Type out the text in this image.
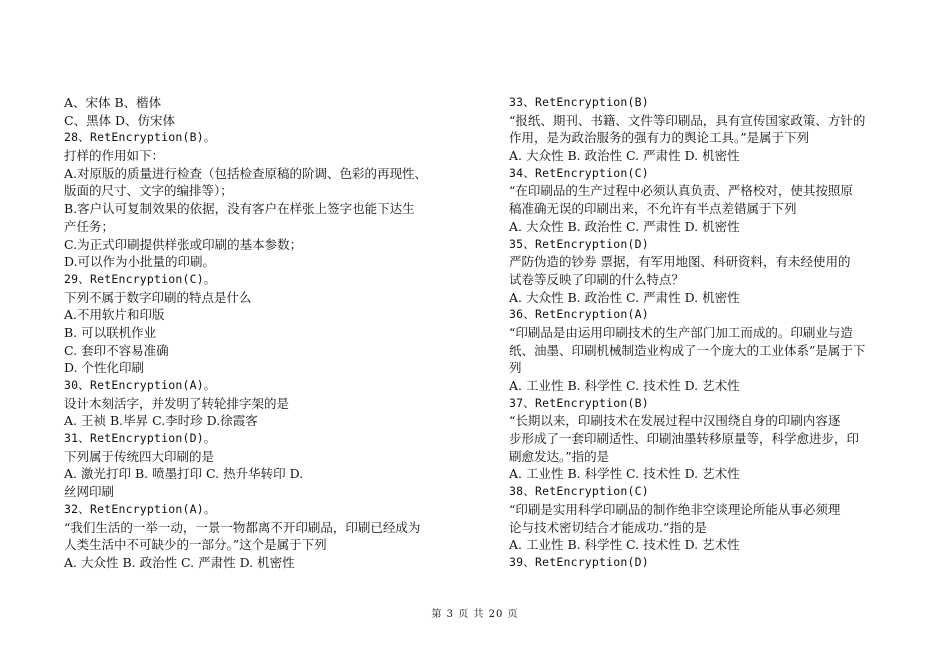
A、宋体 B、楷体
C、黑体 D、仿宋体
28、RetEncryption(B)。
打样的作用如下：
A.对原版的质量进行检查（包括检查原稿的阶调、色彩的再现性、
版面的尺寸、文字的编排等）；
B.客户认可复制效果的依据，没有客户在样张上签字也能下达生
产任务；
C.为正式印刷提供样张或印刷的基本参数；
D.可以作为小批量的印刷。
29、RetEncryption(C)。
下列不属于数字印刷的特点是什么
A.不用软片和印版
B. 可以联机作业
C. 套印不容易准确
D. 个性化印刷
30、RetEncryption(A)。
设计木刻活字，并发明了转轮排字架的是
A. 王祯 B.毕昇 C.李时珍 D.徐霞客
31、RetEncryption(D)。
下列属于传统四大印刷的是
A. 激光打印 B. 喷墨打印 C. 热升华转印 D.
丝网印刷
32、RetEncryption(A)。
“我们生活的一举一动，一景一物都离不开印刷品，印刷已经成为
人类生活中不可缺少的一部分。”这个是属于下列
A. 大众性 B. 政治性 C. 严肃性 D. 机密性
33、RetEncryption(B)
“报纸、期刊、书籍、文件等印刷品，具有宣传国家政策、方针的
作用，是为政治服务的强有力的舆论工具。”是属于下列
A. 大众性 B. 政治性 C. 严肃性 D. 机密性
34、RetEncryption(C)
“在印刷品的生产过程中必须认真负责、严格校对，使其按照原
稿准确无误的印刷出来，不允许有半点差错属于下列
A. 大众性 B. 政治性 C. 严肃性 D. 机密性
35、RetEncryption(D)
严防伪造的钞券 票据，有军用地图、科研资料，有未经使用的
试卷等反映了印刷的什么特点？
A. 大众性 B. 政治性 C. 严肃性 D. 机密性
36、RetEncryption(A)
“印刷品是由运用印刷技术的生产部门加工而成的。印刷业与造
纸、油墨、印刷机械制造业构成了一个庞大的工业体系”是属于下
列
A. 工业性 B. 科学性 C. 技术性 D. 艺术性
37、RetEncryption(B)
“长期以来，印刷技术在发展过程中汉围绕自身的印刷内容逐
步形成了一套印刷适性、印刷油墨转移原量等，科学愈进步，印
刷愈发达。”指的是
A. 工业性 B. 科学性 C. 技术性 D. 艺术性
38、RetEncryption(C)
“印刷是实用科学印刷品的制作绝非空谈理论所能从事必须理
论与技术密切结合才能成功.”指的是
A. 工业性 B. 科学性 C. 技术性 D. 艺术性
39、RetEncryption(D)
第 3 页 共 20 页
